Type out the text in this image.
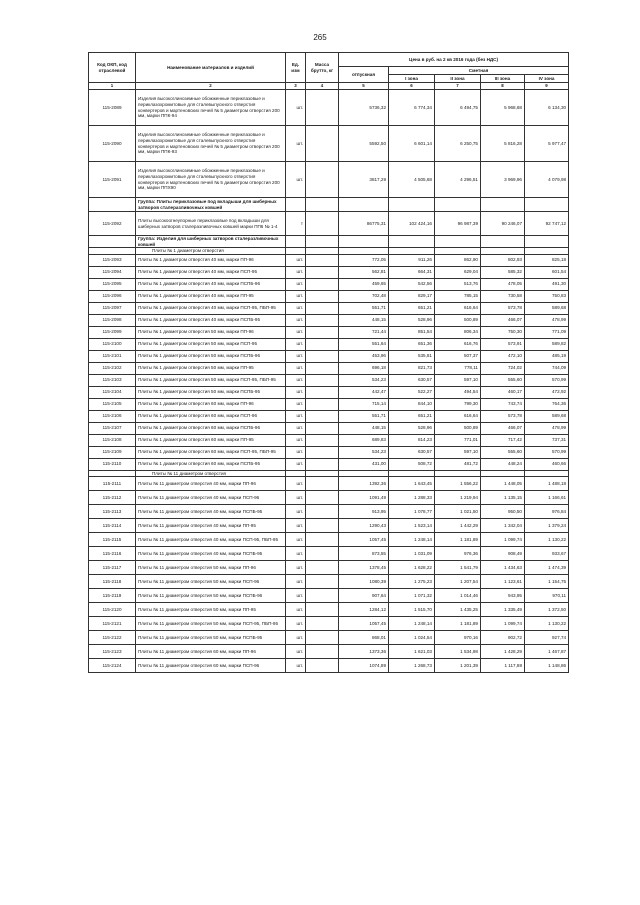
265
Код ОКП, код отраслевой	Наименование материалов и изделий	Ед. изм	Масса брутто, кг	Цена в руб. на 2 кв 2016 года (без НДС)				
				отпускная	Сметная			
					I зона	II зона	III зона	IV зона
1	2	3	4	5	6	7	8	9
115-2089	Изделия высокоглиноземные обожженные периклазовые и периклазохромитовые для сталевыпускного отверстия конвертеров и мартеновских печей № 5 диаметром отверстия 200 мм, марки ППК-94	шт.		5736,32	6 774,34	6 494,75	5 968,68	6 134,30
115-2090	Изделия высокоглиноземные обожженные периклазовые и периклазохромитовые для сталевыпускного отверстия конвертеров и мартеновских печей № 5 диаметром отверстия 200 мм, марки ППК-93	шт.		5592,50	6 601,14	6 250,75	5 816,28	5 977,47
115-2091	Изделия высокоглиноземные обожженные периклазовые и периклазохромитовые для сталевыпускного отверстия конвертеров и мартеновских печей № 5 диаметром отверстия 200 мм, марки ППХ90	шт.		3817,29	4 505,68	4 296,51	3 969,96	4 079,98
	Группа: Плиты периклазовые под вкладыши для шиберных затворов сталеразливочных ковшей							
115-2092	Плиты высокоогнеупорные периклазовые под вкладыши для шиберных затворов сталеразливочных ковшей марки ПП6 № 1-4	т		86775,31	102 424,16	96 987,39	90 246,07	92 747,12
	Группа: Изделия для шиберных затворов сталеразливочных ковшей							
	Плиты № 1 диаметром отверстия							
115-2093	Плиты № 1 диаметром отверстия 40 мм, марки ПП-96	шт.		772,05	911,26	862,90	802,93	825,18
115-2094	Плиты № 1 диаметром отверстия 40 мм, марки ПСП-95	шт.		562,81	664,31	629,04	585,32	601,54
115-2095	Плиты № 1 диаметром отверстия 40 мм, марки ПСПБ-96	шт.		459,65	542,56	513,76	478,05	491,30
115-2096	Плиты № 1 диаметром отверстия 40 мм, марки ПП-95	шт.		702,48	829,17	785,15	730,58	750,83
115-2097	Плиты № 1 диаметром отверстия 40 мм, марки ПСП-95, ПБП-95	шт.		551,71	651,21	616,64	573,78	589,68
115-2098	Плиты № 1 диаметром отверстия 40 мм, марки ПСПБ-95	шт.		448,15	528,96	500,89	466,07	478,99
115-2099	Плиты № 1 диаметром отверстия 50 мм, марки ПП-96	шт.		721,44	851,54	806,34	750,30	771,09
115-2100	Плиты № 1 диаметром отверстия 50 мм, марки ПСП-95	шт.		551,64	651,36	616,76	573,91	589,82
115-2101	Плиты № 1 диаметром отверстия 50 мм, марки ПСПБ-96	шт.		453,96	535,81	507,37	472,10	485,19
115-2102	Плиты № 1 диаметром отверстия 50 мм, марки ПП-95	шт.		696,18	821,73	778,11	724,02	744,09
115-2103	Плиты № 1 диаметром отверстия 50 мм, марки ПСП-95, ПБП-95	шт.		534,23	630,57	597,10	555,60	570,99
115-2104	Плиты № 1 диаметром отверстия 50 мм, марки ПСПБ-95	шт.		442,47	522,27	494,54	460,17	472,92
115-2105	Плиты № 1 диаметром отверстия 60 мм, марки ПП-96	шт.		715,14	844,10	799,30	743,74	764,36
115-2106	Плиты № 1 диаметром отверстия 60 мм, марки ПСП-96	шт.		551,71	651,21	616,64	573,78	589,68
115-2107	Плиты № 1 диаметром отверстия 60 мм, марки ПСПБ-96	шт.		448,15	528,96	500,89	466,07	478,99
115-2108	Плиты № 1 диаметром отверстия 60 мм, марки ПП-95	шт.		689,83	814,23	771,01	717,42	737,31
115-2109	Плиты № 1 диаметром отверстия 60 мм, марки ПСП-95, ПБП-95	шт.		534,23	630,57	597,10	555,60	570,99
115-2110	Плиты № 1 диаметром отверстия 60 мм, марки ПСПБ-95	шт.		431,00	508,72	481,72	448,24	460,66
	Плиты № 11 диаметром отверстия							
115-2111	Плиты № 11 диаметром отверстия 40 мм, марки ПП-96	шт.		1392,36	1 643,45	1 556,22	1 448,05	1 488,18
115-2112	Плиты № 11 диаметром отверстия 40 мм, марки ПСП-96	шт.		1091,49	1 288,33	1 219,94	1 135,15	1 166,61
115-2113	Плиты № 11 диаметром отверстия 40 мм, марки ПСПБ-95	шт.		913,95	1 078,77	1 021,50	950,50	976,84
115-2114	Плиты № 11 диаметром отверстия 40 мм, марки ПП-95	шт.		1290,43	1 523,14	1 442,29	1 342,04	1 379,24
115-2115	Плиты № 11 диаметром отверстия 40 мм, марки ПСП-95, ПБП-95	шт.		1057,45	1 248,14	1 181,89	1 099,74	1 130,22
115-2116	Плиты № 11 диаметром отверстия 40 мм, марки ПСПБ-95	шт.		873,55	1 031,09	976,36	908,49	933,67
115-2117	Плиты № 11 диаметром отверстия 50 мм, марки ПП-96	шт.		1378,45	1 628,22	1 541,79	1 434,63	1 474,39
115-2118	Плиты № 11 диаметром отверстия 50 мм, марки ПСП-96	шт.		1080,39	1 275,23	1 207,54	1 123,61	1 154,75
115-2119	Плиты № 11 диаметром отверстия 50 мм, марки ПСПБ-96	шт.		907,64	1 071,32	1 014,46	943,95	970,11
115-2120	Плиты № 11 диаметром отверстия 50 мм, марки ПП-95	шт.		1284,12	1 515,70	1 435,25	1 335,49	1 372,50
115-2121	Плиты № 11 диаметром отверстия 50 мм, марки ПСП-95, ПБП-95	шт.		1057,45	1 248,14	1 181,89	1 099,74	1 130,22
115-2122	Плиты № 11 диаметром отверстия 50 мм, марки ПСПБ-95	шт.		868,01	1 024,54	970,16	902,72	927,74
115-2123	Плиты № 11 диаметром отверстия 60 мм, марки ПП-96	шт.		1373,36	1 621,03	1 534,98	1 428,29	1 467,87
115-2124	Плиты № 11 диаметром отверстия 60 мм, марки ПСП-96	шт.		1074,89	1 268,73	1 201,39	1 117,88	1 148,86
